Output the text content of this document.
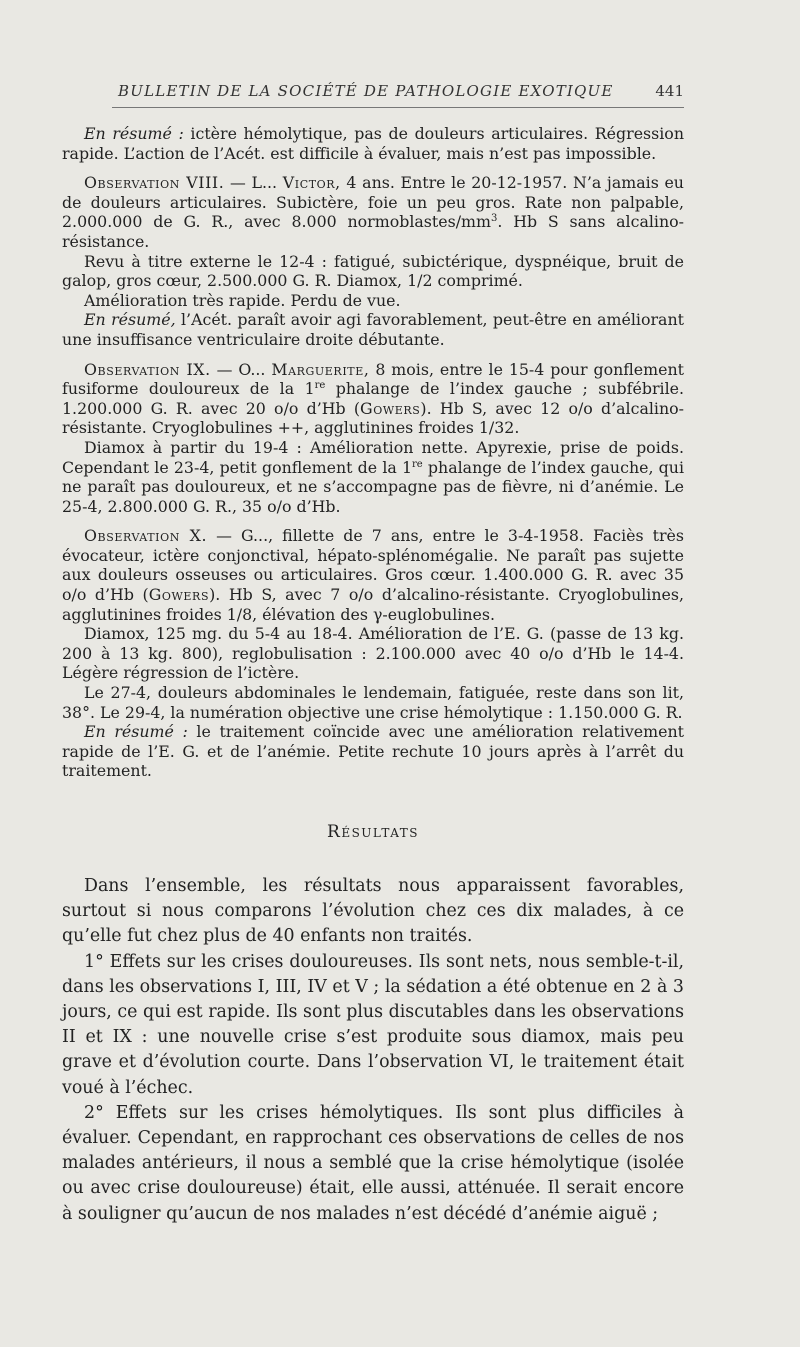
BULLETIN DE LA SOCIÉTÉ DE PATHOLOGIE EXOTIQUE	441

En résumé : ictère hémolytique, pas de douleurs articulaires. Régression rapide. L’action de l’Acét. est difficile à évaluer, mais n’est pas impossible.

Observation VIII. — L... Victor, 4 ans. Entre le 20-12-1957. N’a jamais eu de douleurs articulaires. Subictère, foie un peu gros. Rate non palpable, 2.000.000 de G. R., avec 8.000 normoblastes/$mm^3$. Hb S sans alcalino-résistance.

Revu à titre externe le 12-4 : fatigué, subictérique, dyspnéique, bruit de galop, gros cœur, 2.500.000 G. R. Diamox, 1/2 comprimé.

Amélioration très rapide. Perdu de vue.

En résumé, l’Acét. paraît avoir agi favorablement, peut-être en améliorant une insuffisance ventriculaire droite débutante.

Observation IX. — O... Marguerite, 8 mois, entre le 15-4 pour gonflement fusiforme douloureux de la 1re phalange de l’index gauche ; subfébrile. 1.200.000 G. R. avec 20 o/o d’Hb (Gowers). Hb S, avec 12 o/o d’alcalino-résistante. Cryoglobulines ++, agglutinines froides 1/32.

Diamox à partir du 19-4 : Amélioration nette. Apyrexie, prise de poids. Cependant le 23-4, petit gonflement de la 1re phalange de l’index gauche, qui ne paraît pas douloureux, et ne s’accompagne pas de fièvre, ni d’anémie. Le 25-4, 2.800.000 G. R., 35 o/o d’Hb.

Observation X. — G..., fillette de 7 ans, entre le 3-4-1958. Faciès très évocateur, ictère conjonctival, hépato-splénomégalie. Ne paraît pas sujette aux douleurs osseuses ou articulaires. Gros cœur. 1.400.000 G. R. avec 35 o/o d’Hb (Gowers). Hb S, avec 7 o/o d’alcalino-résistante. Cryoglobulines, agglutinines froides 1/8, élévation des γ-euglobulines.

Diamox, 125 mg. du 5-4 au 18-4. Amélioration de l’E. G. (passe de 13 kg. 200 à 13 kg. 800), reglobulisation : 2.100.000 avec 40 o/o d’Hb le 14-4. Légère régression de l’ictère.

Le 27-4, douleurs abdominales le lendemain, fatiguée, reste dans son lit, 38°. Le 29-4, la numération objective une crise hémolytique : 1.150.000 G. R.

En résumé : le traitement coïncide avec une amélioration relativement rapide de l’E. G. et de l’anémie. Petite rechute 10 jours après à l’arrêt du traitement.

Résultats

Dans l’ensemble, les résultats nous apparaissent favorables, surtout si nous comparons l’évolution chez ces dix malades, à ce qu’elle fut chez plus de 40 enfants non traités.

1° Effets sur les crises douloureuses. Ils sont nets, nous semble-t-il, dans les observations I, III, IV et V ; la sédation a été obtenue en 2 à 3 jours, ce qui est rapide. Ils sont plus discutables dans les observations II et IX : une nouvelle crise s’est produite sous diamox, mais peu grave et d’évolution courte. Dans l’observation VI, le traitement était voué à l’échec.

2° Effets sur les crises hémolytiques. Ils sont plus difficiles à évaluer. Cependant, en rapprochant ces observations de celles de nos malades antérieurs, il nous a semblé que la crise hémolytique (isolée ou avec crise douloureuse) était, elle aussi, atténuée. Il serait encore à souligner qu’aucun de nos malades n’est décédé d’anémie aiguë ;
